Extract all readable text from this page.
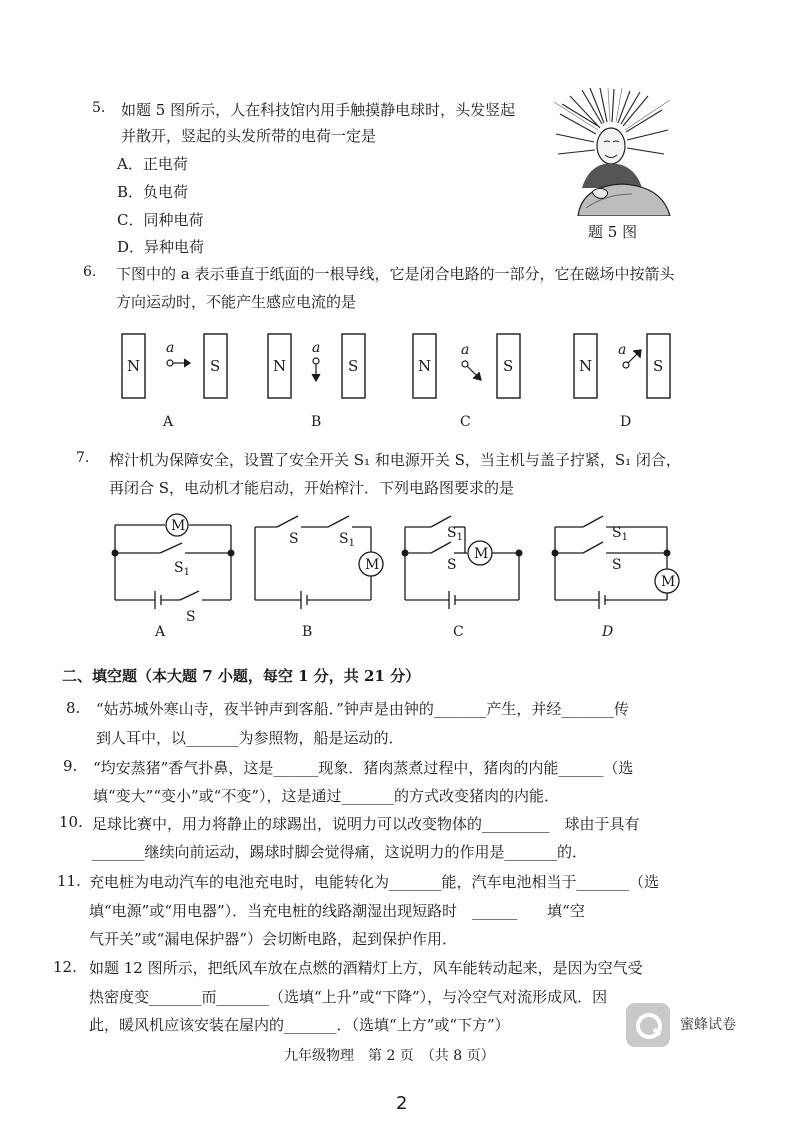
5. 如题 5 图所示，人在科技馆内用手触摸静电球时，头发竖起
并散开，竖起的头发所带的电荷一定是
A．正电荷
B．负电荷
C．同种电荷
D．异种电荷
题 5 图
6. 下图中的 a 表示垂直于纸面的一根导线，它是闭合电路的一部分，它在磁场中按箭头
方向运动时，不能产生感应电流的是
N	S	N	S	N	S	N	S
a	a	a	a
A	B	C	D
7. 榨汁机为保障安全，设置了安全开关 S₁ 和电源开关 S，当主机与盖子拧紧，S₁ 闭合，
再闭合 S，电动机才能启动，开始榨汁．下列电路图要求的是
M
M
M
M
$S_1$
S
S	$S_1$
$S_1$
S
$S_1$
S
A	B	C	D
二、填空题（本大题 7 小题，每空 1 分，共 21 分）
8. “姑苏城外寒山寺，夜半钟声到客船．”钟声是由钟的_______产生，并经_______传
到人耳中，以_______为参照物，船是运动的．
9. “均安蒸猪”香气扑鼻，这是______现象．猪肉蒸煮过程中，猪肉的内能______（选
填“变大”“变小”或“不变”），这是通过_______的方式改变猪肉的内能．
10. 足球比赛中，用力将静止的球踢出，说明力可以改变物体的_________　球由于具有
_______继续向前运动，踢球时脚会觉得痛，这说明力的作用是_______的．
11. 充电桩为电动汽车的电池充电时，电能转化为_______能，汽车电池相当于_______（选
填“电源”或“用电器”）．当充电桩的线路潮湿出现短路时　______　　填“空
气开关”或“漏电保护器”）会切断电路，起到保护作用．
12. 如题 12 图所示，把纸风车放在点燃的酒精灯上方，风车能转动起来，是因为空气受
热密度变_______而_______（选填“上升”或“下降”），与冷空气对流形成风．因
此，暖风机应该安装在屋内的_______．（选填“上方”或“下方”）	蜜蜂试卷
九年级物理　第 2 页　（共 8 页）
2
